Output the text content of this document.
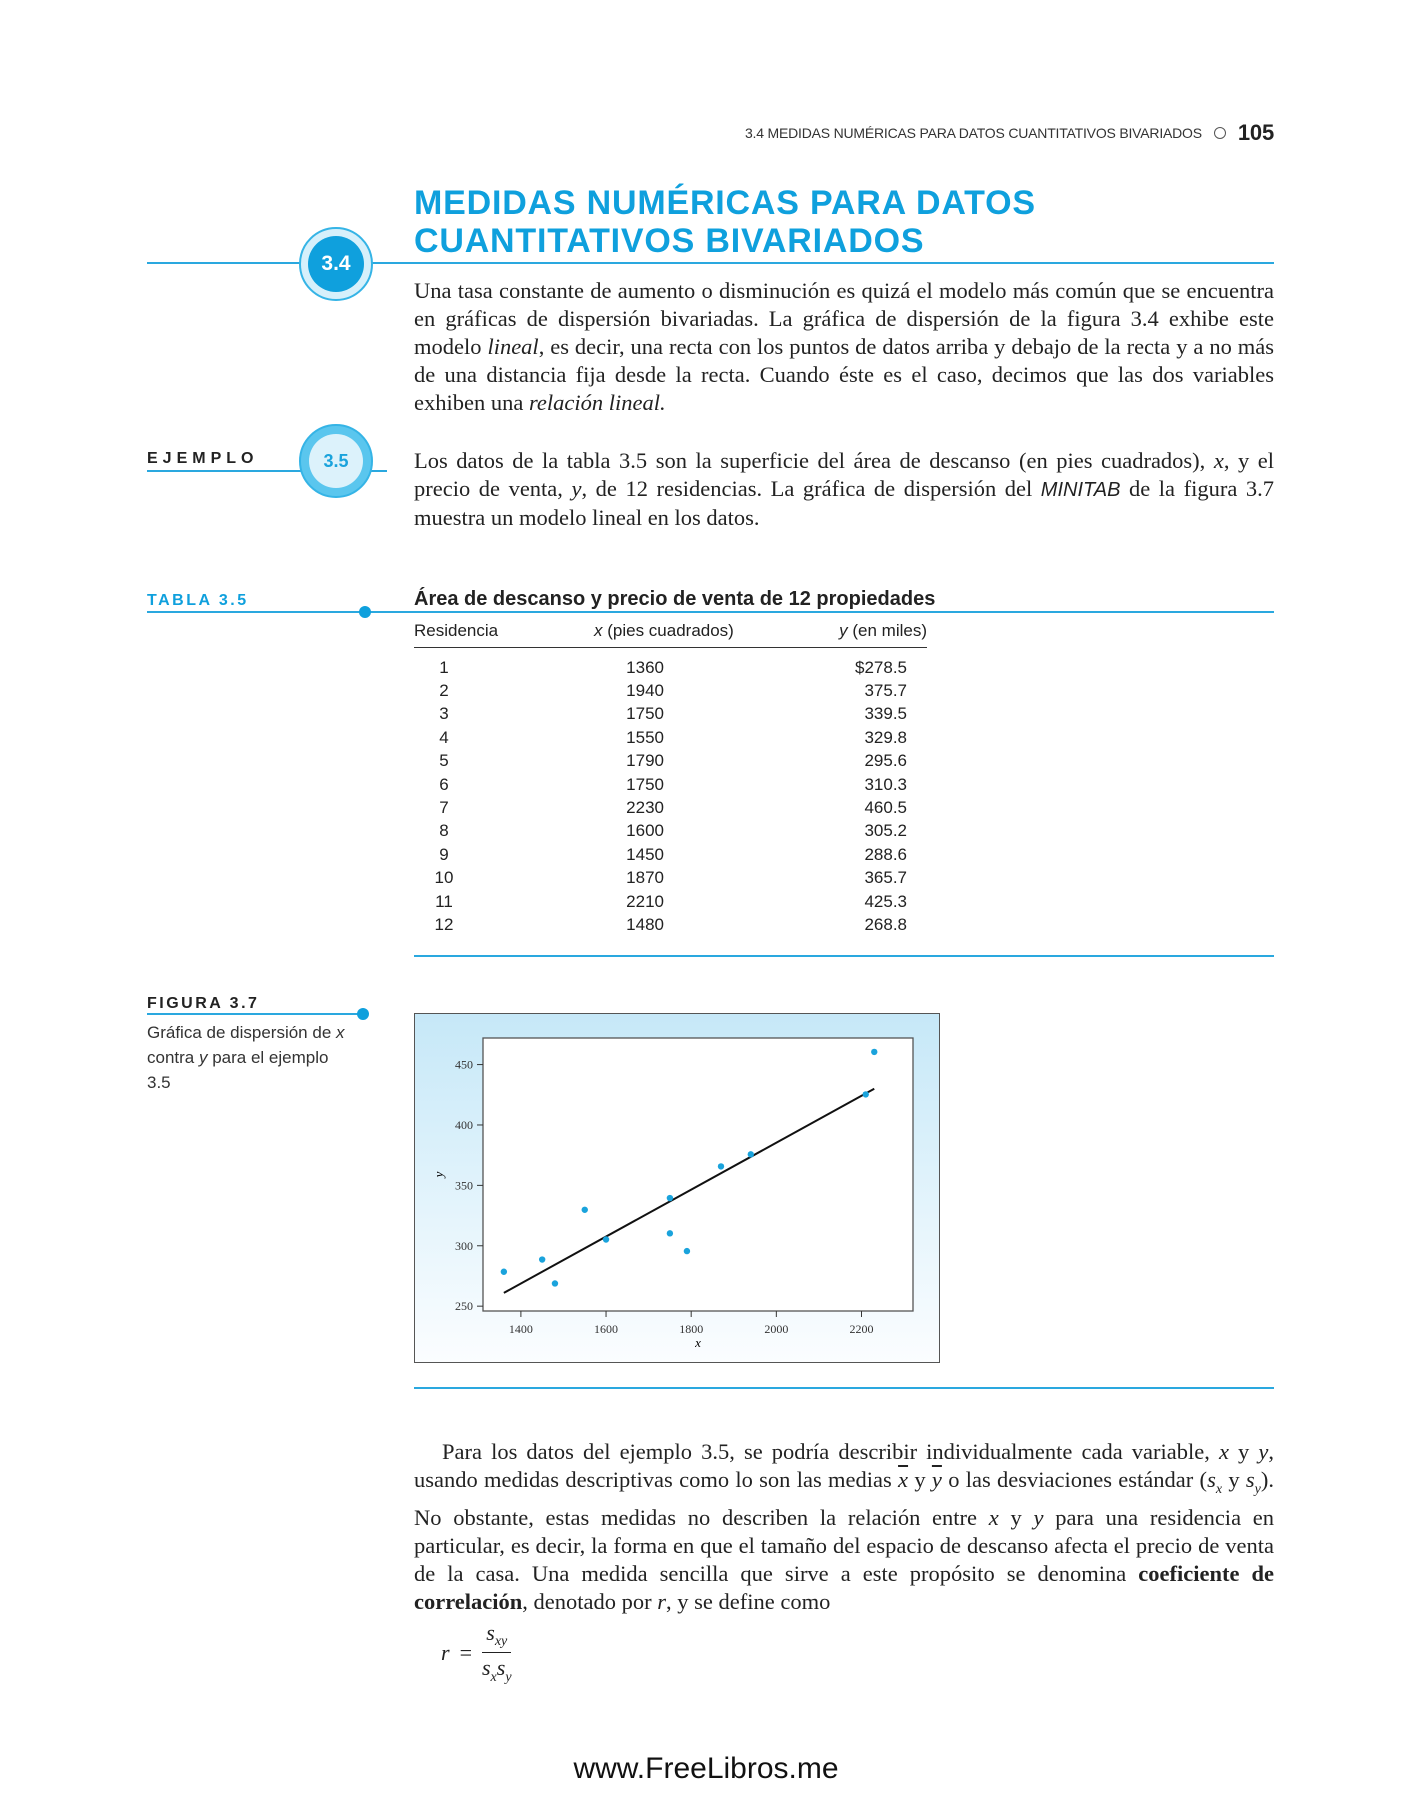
3.4 MEDIDAS NUMÉRICAS PARA DATOS CUANTITATIVOS BIVARIADOS 105
MEDIDAS NUMÉRICAS PARA DATOS
CUANTITATIVOS BIVARIADOS
3.4
Una tasa constante de aumento o disminución es quizá el modelo más común que se encuentra en gráficas de dispersión bivariadas. La gráfica de dispersión de la figura 3.4 exhibe este modelo lineal, es decir, una recta con los puntos de datos arriba y debajo de la recta y a no más de una distancia fija desde la recta. Cuando éste es el caso, decimos que las dos variables exhiben una relación lineal.
EJEMPLO	3.5	Los datos de la tabla 3.5 son la superficie del área de descanso (en pies cuadrados), x, y el precio de venta, y, de 12 residencias. La gráfica de dispersión del MINITAB de la figura 3.7 muestra un modelo lineal en los datos.
TABLA 3.5	Área de descanso y precio de venta de 12 propiedades
Residencia	x (pies cuadrados)	y (en miles)
1	1360	$278.5
2	1940	375.7
3	1750	339.5
4	1550	329.8
5	1790	295.6
6	1750	310.3
7	2230	460.5
8	1600	305.2
9	1450	288.6
10	1870	365.7
11	2210	425.3
12	1480	268.8
FIGURA 3.7
Gráfica de dispersión de x contra y para el ejemplo 3.5
1400	1600	1800	2000	2200
250
300
350
400
450
x
y
Para los datos del ejemplo 3.5, se podría describir individualmente cada variable, x y y, usando medidas descriptivas como lo son las medias $\overline{x}$ y $\overline{y}$ o las desviaciones estándar ($s_x$ y $s_y$). No obstante, estas medidas no describen la relación entre x y y para una residencia en particular, es decir, la forma en que el tamaño del espacio de descanso afecta el precio de venta de la casa. Una medida sencilla que sirve a este propósito se denomina coeficiente de correlación, denotado por r, y se define como
r =
$s_{xy}$
$s_xs_y$
www.FreeLibros.me
